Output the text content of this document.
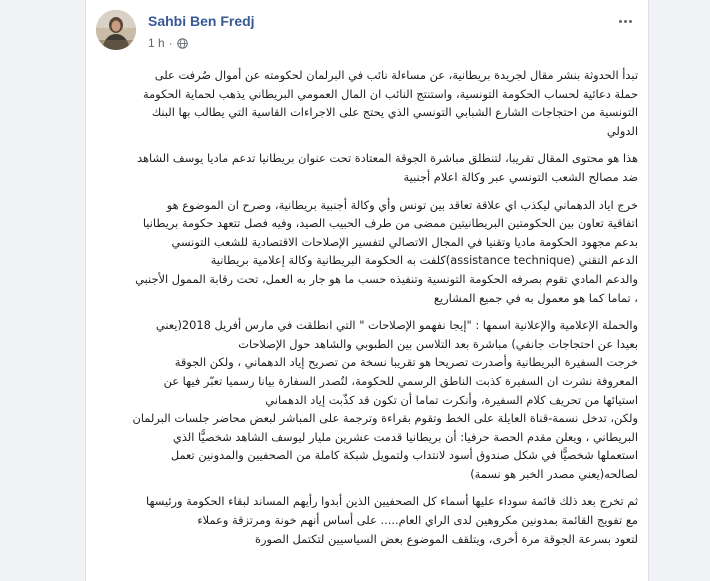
Sahbi Ben Fredj
1 h ·
تبدأ الحدوثة بنشر مقال لجريدة بريطانية، عن مساءلة نائب في البرلمان لحكومته عن أموال صُرفت على
حملة دعائية لحساب الحكومة التونسية، واستنتج النائب ان المال العمومي البريطاني يذهب لحماية الحكومة
التونسية من احتجاجات الشارع الشبابي التونسي الذي يحتج على الاجراءات القاسية التي يطالب بها البنك
الدولي
هذا هو محتوى المقال تقريبا، لتنطلق مباشرة الجوقة المعتادة تحت عنوان بريطانيا تدعم ماديا يوسف الشاهد
ضد مصالح الشعب التونسي عبر وكالة اعلام أجنبية
خرج اياد الدهماني ليكذب اي علاقة تعاقد بين تونس وأي وكالة أجنبية بريطانية، وصرح ان الموضوع هو
اتفاقية تعاون بين الحكومتين البريطانيتين ممضى من طرف الحبيب الصيد، وفيه فصل تتعهد حكومة بريطانيا
بدعم مجهود الحكومة ماديا وتقنيا في المجال الاتصالي لتفسير الإصلاحات الاقتصادية للشعب التونسي
الدعم التقني (assistance technique)كلفت به الحكومة البريطانية وكالة إعلامية بريطانية
والدعم المادي تقوم بصرفه الحكومة التونسية وتنفيذه حسب ما هو جار به العمل، تحت رقابة الممول الأجنبي
، تماما كما هو معمول به في جميع المشاريع
والحملة الإعلامية والإعلانية اسمها : "إيجا نفهمو الإصلاحات " التي انطلقت في مارس أفريل 2018(يعني
بعيدا عن احتجاجات جانفي) مباشرة بعد التلاسن بين الطبوبي والشاهد حول الإصلاحات
خرجت السفيرة البريطانية وأصدرت تصريحا هو تقريبا نسخة من تصريح إياد الدهماني ، ولكن الجوقة
المعروفة نشرت ان السفيرة كذبت الناطق الرسمي للحكومة، لتُصدر السفارة بيانا رسميا تعبّر فيها عن
استيائها من تحريف كلام السفيرة، وأنكرت تماما أن تكون قد كذّبت إياد الدهماني
ولكن، تدخل نسمة-قناة العايلة على الخط وتقوم بقراءة وترجمة على المباشر لبعض محاضر جلسات البرلمان
البريطاني ، ويعلن مقدم الحصة حرفيا: أن بريطانيا قدمت عشرين مليار ليوسف الشاهد شخصيًّا الذي
استعملها شخصيًّا في شكل صندوق أسود لانتداب ولتمويل شبكة كاملة من الصحفيين والمدونين تعمل
لصالحه(يعني مصدر الخبر هو نسمة)
ثم تخرج بعد ذلك قائمة سوداء عليها أسماء كل الصحفيين الذين أبدوا رأيهم المساند لبقاء الحكومة ورئيسها
مع تفويج القائمة بمدونين مكروهين لدى الراي العام..... على أساس أنهم خونة ومرتزقة وعملاء
لتعود بسرعة الجوقة مرة أخرى، ويتلقف الموضوع بعض السياسيين لتكتمل الصورة
